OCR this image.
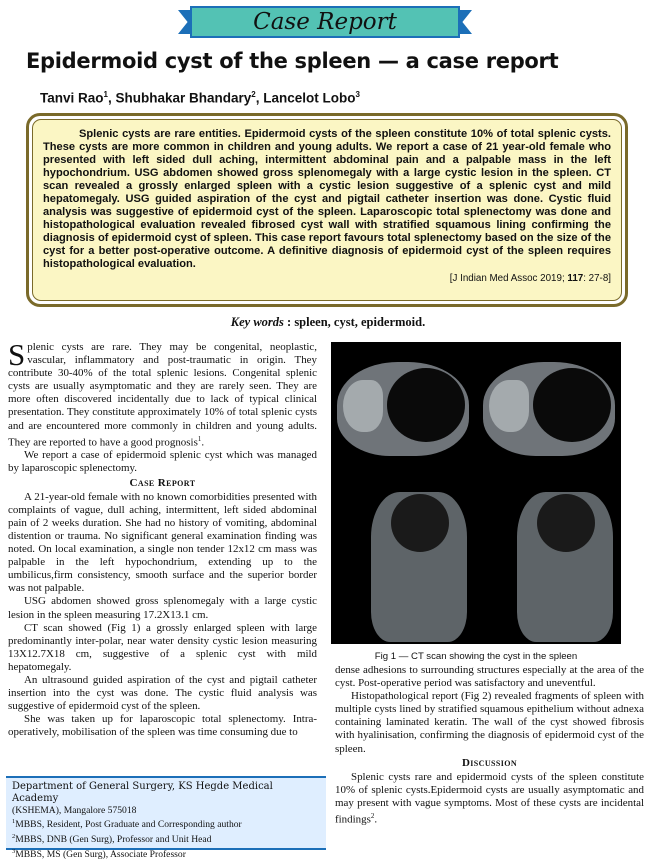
Case Report
Epidermoid cyst of the spleen — a case report
Tanvi Rao$^1$, Shubhakar Bhandary$^2$, Lancelot Lobo$^3$

Splenic cysts are rare entities. Epidermoid cysts of the spleen constitute 10% of total splenic cysts. These cysts are more common in children and young adults. We report a case of 21 year-old female who presented with left sided dull aching, intermittent abdominal pain and a palpable mass in the left hypochondrium. USG abdomen showed gross splenomegaly with a large cystic lesion in the spleen. CT scan revealed a grossly enlarged spleen with a cystic lesion suggestive of a splenic cyst and mild hepatomegaly. USG guided aspiration of the cyst and pigtail catheter insertion was done. Cystic fluid analysis was suggestive of epidermoid cyst of the spleen. Laparoscopic total splenectomy was done and histopathological evaluation revealed fibrosed cyst wall with stratified squamous lining confirming the diagnosis of epidermoid cyst of spleen. This case report favours total splenectomy based on the size of the cyst for a better post-operative outcome. A definitive diagnosis of epidermoid cyst of the spleen requires histopathological evaluation.

[J Indian Med Assoc 2019; 117: 27-8]
Key words : spleen, cyst, epidermoid.

Splenic cysts are rare. They may be congenital, neoplastic, vascular, inflammatory and post-traumatic in origin. They contribute 30-40% of the total splenic lesions. Congenital splenic cysts are usually asymptomatic and they are rarely seen. They are more often discovered incidentally due to lack of typical clinical presentation. They constitute approximately 10% of total splenic cysts and are encountered more commonly in children and young adults. They are reported to have a good prognosis$^1$.

We report a case of epidermoid splenic cyst which was managed by laparoscopic splenectomy.

Case Report

A 21-year-old female with no known comorbidities presented with complaints of vague, dull aching, intermittent, left sided abdominal pain of 2 weeks duration. She had no history of vomiting, abdominal distention or trauma. No significant general examination finding was noted. On local examination, a single non tender 12x12 cm mass was palpable in the left hypochondrium, extending up to the umbilicus,firm consistency, smooth surface and the superior border was not palpable.

USG abdomen showed gross splenomegaly with a large cystic lesion in the spleen measuring 17.2X13.1 cm.

CT scan showed (Fig 1) a grossly enlarged spleen with large predominantly inter-polar, near water density cystic lesion measuring 13X12.7X18 cm, suggestive of a splenic cyst with mild hepatomegaly.

An ultrasound guided aspiration of the cyst and pigtail catheter insertion into the cyst was done. The cystic fluid analysis was suggestive of epidermoid cyst of the spleen.

She was taken up for laparoscopic total splenectomy. Intra-operatively, mobilisation of the spleen was time consuming due to

Department of General Surgery, KS Hegde Medical Academy
(KSHEMA), Mangalore 575018
$^1$MBBS, Resident, Post Graduate and Corresponding author
$^2$MBBS, DNB (Gen Surg), Professor and Unit Head
$^3$MBBS, MS (Gen Surg), Associate Professor
Fig 1 — CT scan showing the cyst in the spleen

dense adhesions to surrounding structures especially at the area of the cyst. Post-operative period was satisfactory and uneventful.

Histopathological report (Fig 2) revealed fragments of spleen with multiple cysts lined by stratified squamous epithelium without adnexa containing laminated keratin. The wall of the cyst showed fibrosis with hyalinisation, confirming the diagnosis of epidermoid cyst of the spleen.

Discussion

Splenic cysts rare and epidermoid cysts of the spleen constitute 10% of splenic cysts.Epidermoid cysts are usually asymptomatic and may present with vague symptoms. Most of these cysts are incidental findings$^2$.
